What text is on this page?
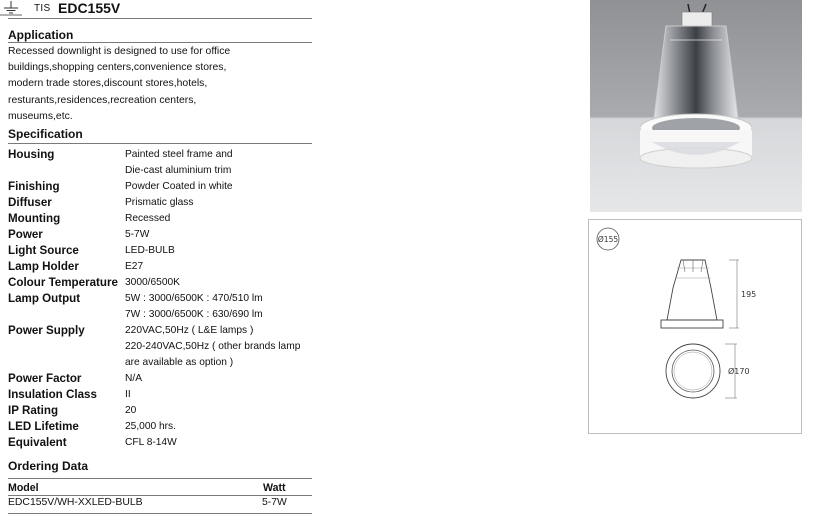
TIS EDC155V
Application
Recessed downlight is designed to use for office
buildings,shopping centers,convenience stores,
modern trade stores,discount stores,hotels,
resturants,residences,recreation centers,
museums,etc.
Specification
Housing	Painted steel frame and
Die-cast aluminium trim
Finishing	Powder Coated in white
Diffuser	Prismatic glass
Mounting	Recessed
Power	5-7W
Light Source	LED-BULB
Lamp Holder	E27
Colour Temperature 3000/6500K
Lamp Output	5W : 3000/6500K : 470/510 lm
7W : 3000/6500K : 630/690 lm
Power Supply	220VAC,50Hz ( L&E lamps )
220-240VAC,50Hz ( other brands lamp
are available as option )
Power Factor	N/A
Insulation Class	II
IP Rating	20
LED Lifetime	25,000 hrs.
Equivalent	CFL 8-14W
Ordering Data
Model	Watt
EDC155V/WH-XXLED-BULB	5-7W
Ø155
195
Ø170
